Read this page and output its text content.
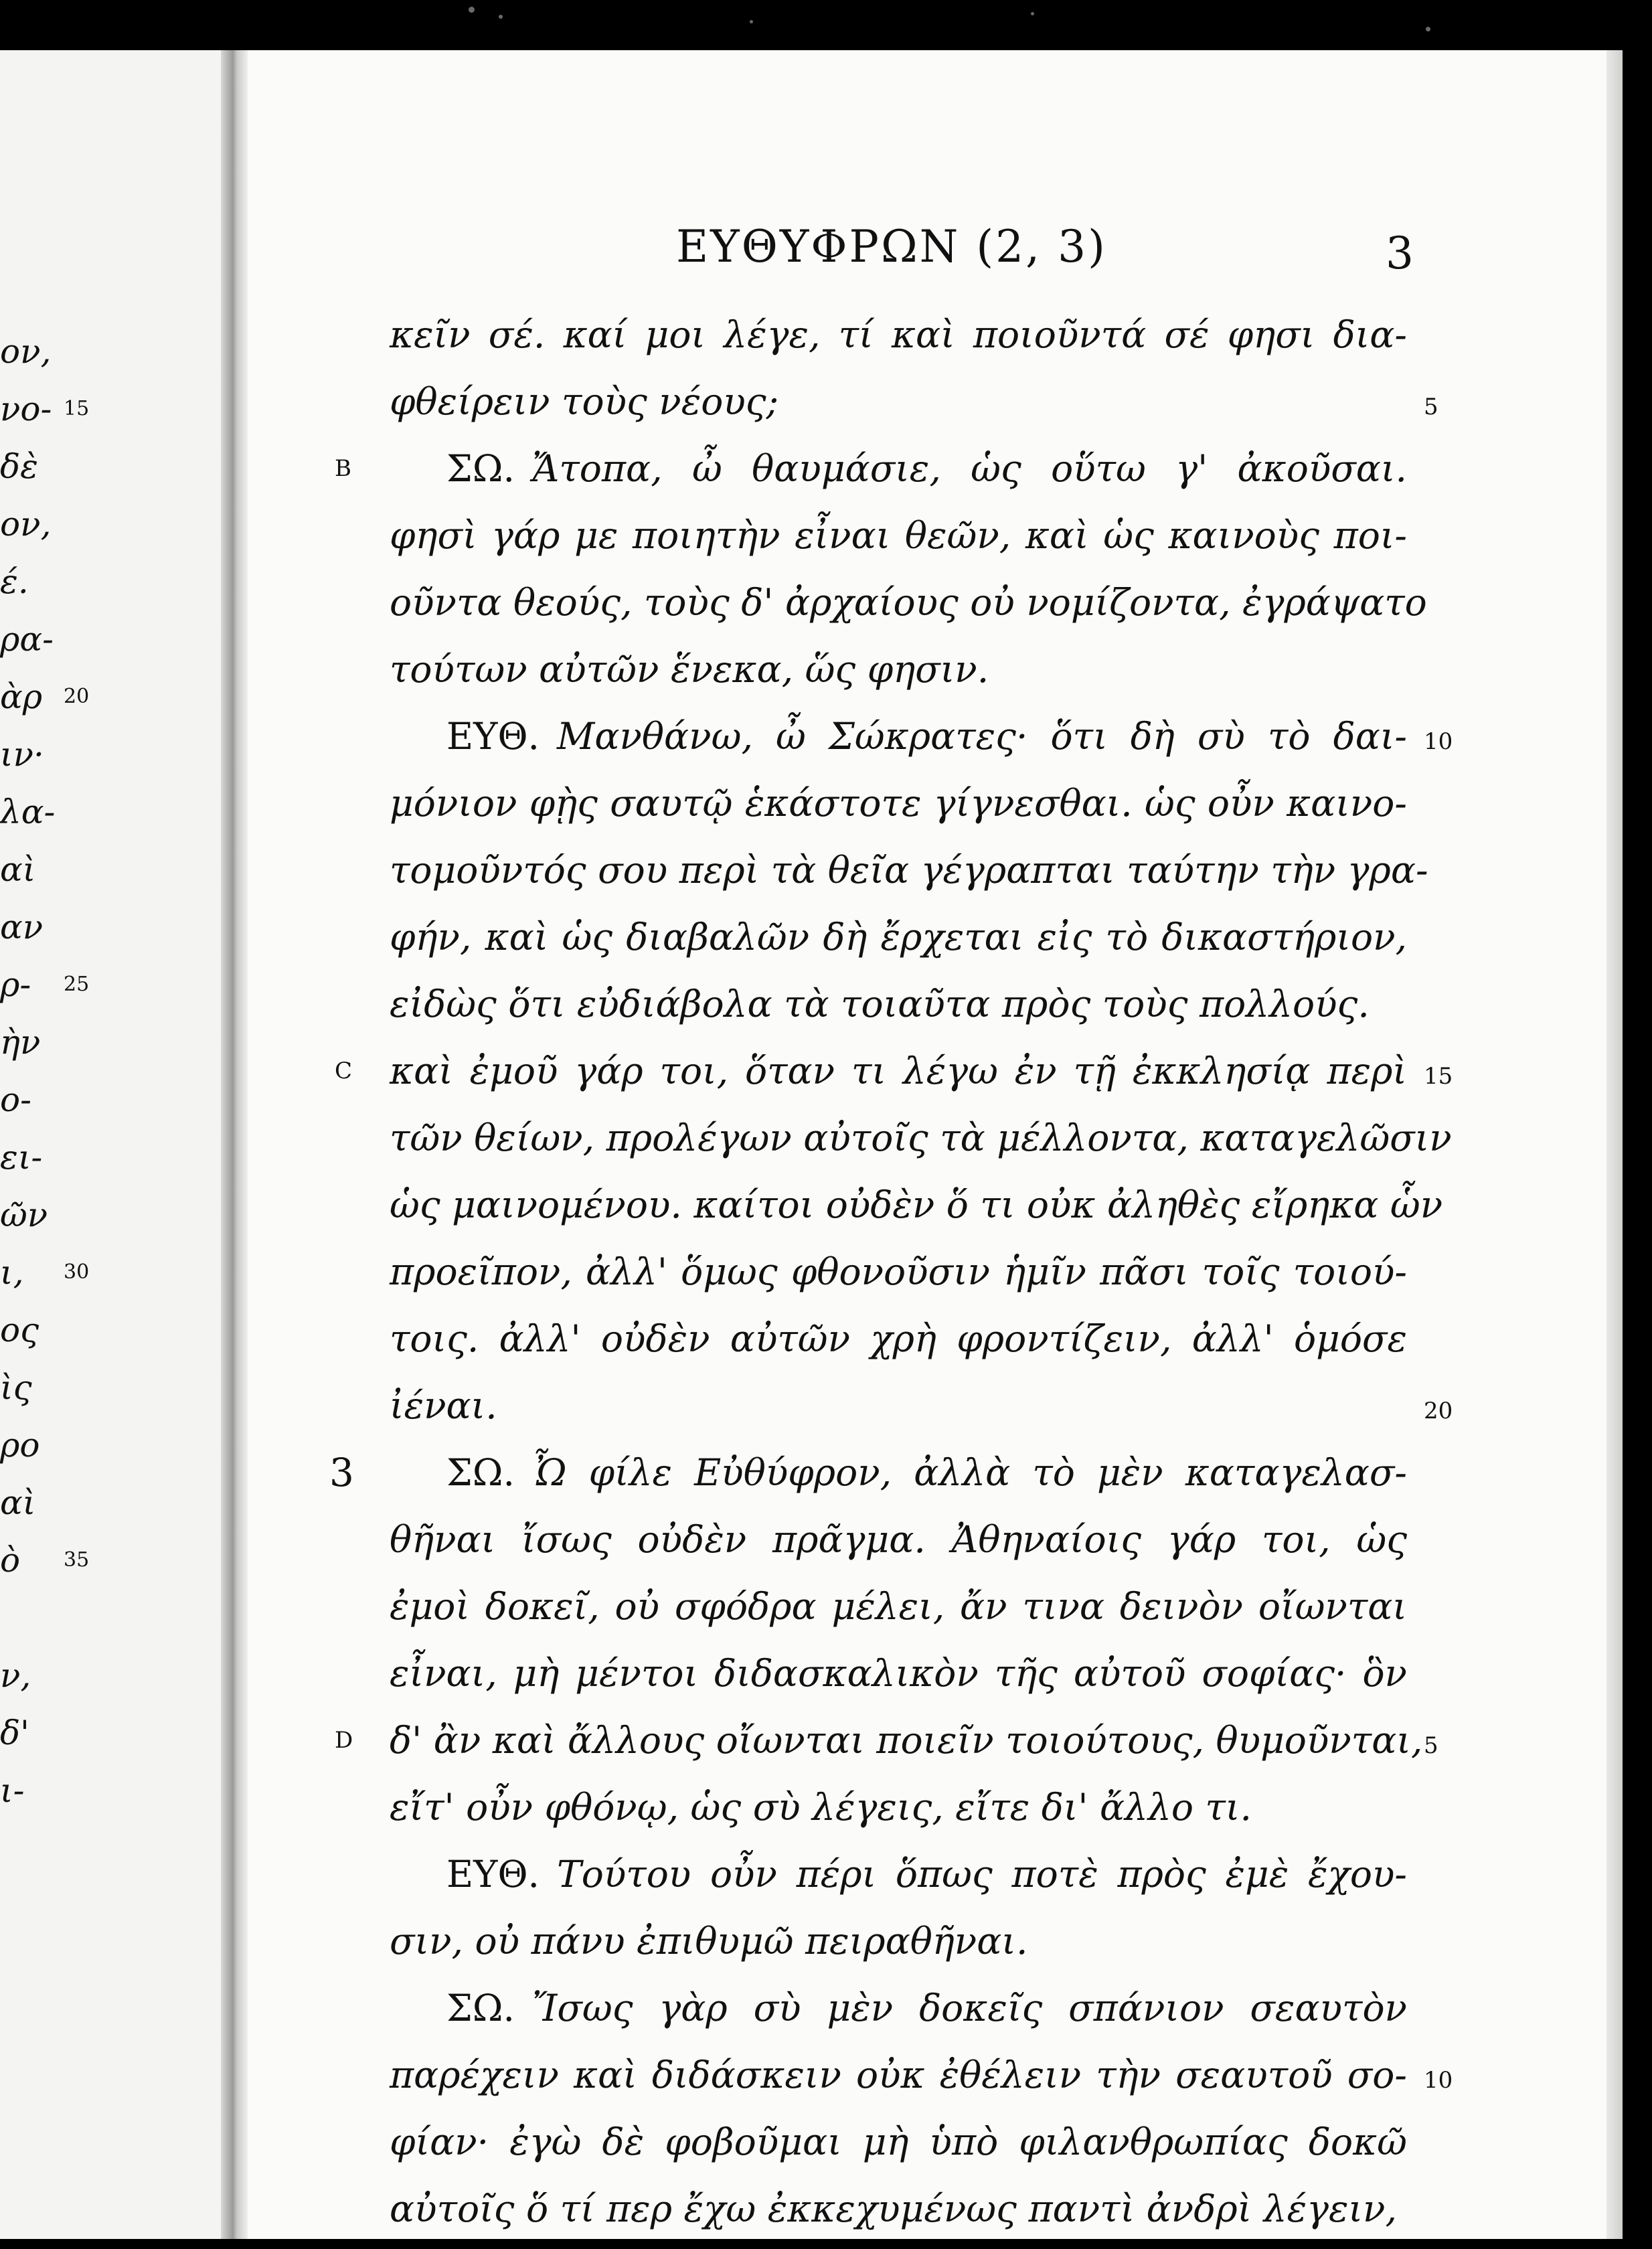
ον,
νο-
δὲ
ον,
έ.
ρα-
ὰρ
ιν·
λα-
αὶ
αν
ρ-
ὴν
ο-
ει-
ῶν
ι,
ος
ὶς
ρο
αὶ
ὸ
ν,
δ'
ι-
15
20
25
30
35
ΕΥΘΥΦΡΩΝ (2, 3)	3
κεῖν σέ. καί μοι λέγε, τί καὶ ποιοῦντά σέ φησι δια-
φθείρειν τοὺς νέους;	5
B	ΣΩ. Ἄτοπα, ὦ θαυμάσιε, ὡς οὕτω γ' ἀκοῦσαι.
φησὶ γάρ με ποιητὴν εἶναι θεῶν, καὶ ὡς καινοὺς ποι-
οῦντα θεούς, τοὺς δ' ἀρχαίους οὐ νομίζοντα, ἐγράψατο
τούτων αὐτῶν ἕνεκα, ὥς φησιν.
ΕΥΘ. Μανθάνω, ὦ Σώκρατες· ὅτι δὴ σὺ τὸ δαι- 10
μόνιον φῂς σαυτῷ ἑκάστοτε γίγνεσθαι. ὡς οὖν καινο-
τομοῦντός σου περὶ τὰ θεῖα γέγραπται ταύτην τὴν γρα-
φήν, καὶ ὡς διαβαλῶν δὴ ἔρχεται εἰς τὸ δικαστήριον,
εἰδὼς ὅτι εὐδιάβολα τὰ τοιαῦτα πρὸς τοὺς πολλούς.
C καὶ ἐμοῦ γάρ τοι, ὅταν τι λέγω ἐν τῇ ἐκκλησίᾳ περὶ 15
τῶν θείων, προλέγων αὐτοῖς τὰ μέλλοντα, καταγελῶσιν
ὡς μαινομένου. καίτοι οὐδὲν ὅ τι οὐκ ἀληθὲς εἴρηκα ὧν
προεῖπον, ἀλλ' ὅμως φθονοῦσιν ἡμῖν πᾶσι τοῖς τοιού-
τοις. ἀλλ' οὐδὲν αὐτῶν χρὴ φροντίζειν, ἀλλ' ὁμόσε
ἰέναι.	20
3	ΣΩ. Ὦ φίλε Εὐθύφρον, ἀλλὰ τὸ μὲν καταγελασ-
θῆναι ἴσως οὐδὲν πρᾶγμα. Ἀθηναίοις γάρ τοι, ὡς
ἐμοὶ δοκεῖ, οὐ σφόδρα μέλει, ἄν τινα δεινὸν οἴωνται
εἶναι, μὴ μέντοι διδασκαλικὸν τῆς αὐτοῦ σοφίας· ὃν
D δ' ἂν καὶ ἄλλους οἴωνται ποιεῖν τοιούτους, θυμοῦνται, 5
εἴτ' οὖν φθόνῳ, ὡς σὺ λέγεις, εἴτε δι' ἄλλο τι.
ΕΥΘ. Τούτου οὖν πέρι ὅπως ποτὲ πρὸς ἐμὲ ἔχου-
σιν, οὐ πάνυ ἐπιθυμῶ πειραθῆναι.
ΣΩ. Ἴσως γὰρ σὺ μὲν δοκεῖς σπάνιον σεαυτὸν
παρέχειν καὶ διδάσκειν οὐκ ἐθέλειν τὴν σεαυτοῦ σο- 10
φίαν· ἐγὼ δὲ φοβοῦμαι μὴ ὑπὸ φιλανθρωπίας δοκῶ
αὐτοῖς ὅ τί περ ἔχω ἐκκεχυμένως παντὶ ἀνδρὶ λέγειν,
